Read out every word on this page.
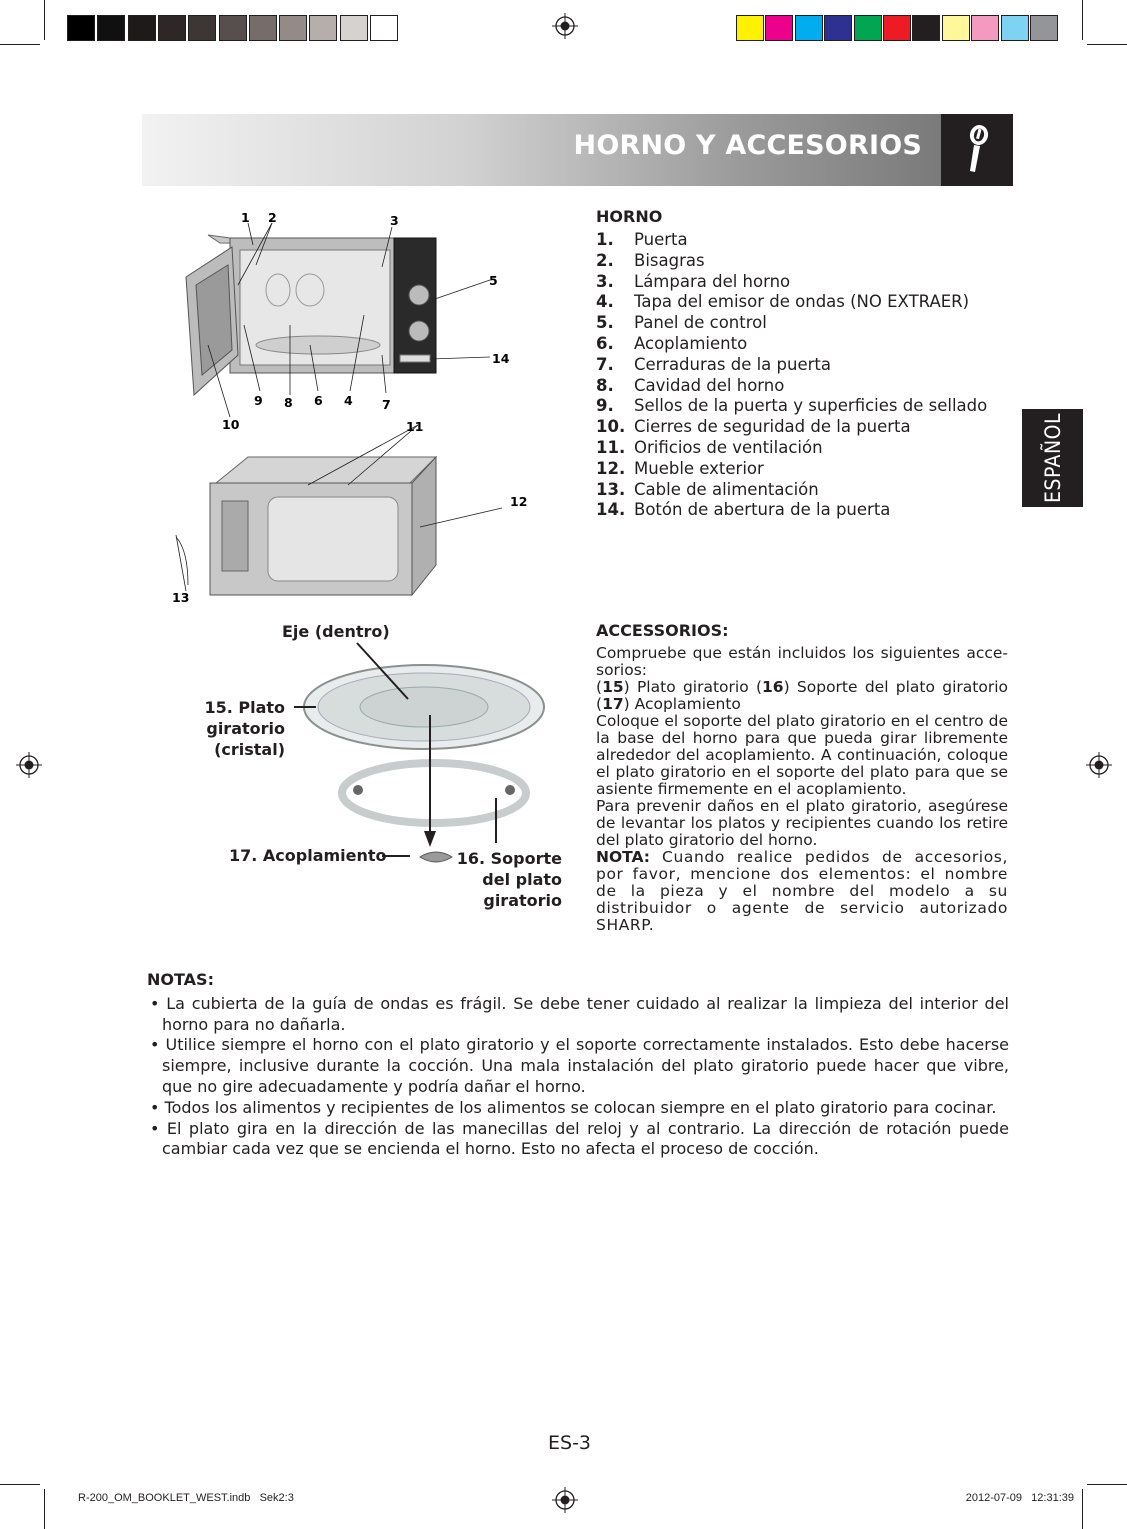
HORNO Y ACCESORIOS
ESPAÑOL
1 2	3
5
14
9 8 6 4 7
10	11
12
13
HORNO
1. Puerta
2. Bisagras
3. Lámpara del horno
4. Tapa del emisor de ondas (NO EXTRAER)
5. Panel de control
6. Acoplamiento
7. Cerraduras de la puerta
8. Cavidad del horno
9. Sellos de la puerta y superficies de sellado
10. Cierres de seguridad de la puerta
11. Orificios de ventilación
12. Mueble exterior
13. Cable de alimentación
14. Botón de abertura de la puerta
Eje (dentro)
15. Plato
giratorio
(cristal)
17. Acoplamiento	16. Soporte
del plato
giratorio
ACCESSORIOS:

Compruebe que están incluidos los siguientes accesorios:

(15) Plato giratorio (16) Soporte del plato giratorio (17) Acoplamiento

Coloque el soporte del plato giratorio en el centro de la base del horno para que pueda girar libremente alrededor del acoplamiento. A continuación, coloque el plato giratorio en el soporte del plato para que se asiente firmemente en el acoplamiento.

Para prevenir daños en el plato giratorio, asegúrese de levantar los platos y recipientes cuando los retire del plato giratorio del horno.

NOTA: Cuando realice pedidos de accesorios, por favor, mencione dos elementos: el nombre de la pieza y el nombre del modelo a su distribuidor o agente de servicio autorizado SHARP.

NOTAS:
• La cubierta de la guía de ondas es frágil. Se debe tener cuidado al realizar la limpieza del interior del horno para no dañarla.
• Utilice siempre el horno con el plato giratorio y el soporte correctamente instalados. Esto debe hacerse siempre, inclusive durante la cocción. Una mala instalación del plato giratorio puede hacer que vibre, que no gire adecuadamente y podría dañar el horno.
• Todos los alimentos y recipientes de los alimentos se colocan siempre en el plato giratorio para cocinar.
• El plato gira en la dirección de las manecillas del reloj y al contrario. La dirección de rotación puede cambiar cada vez que se encienda el horno. Esto no afecta el proceso de cocción.
ES-3
R-200_OM_BOOKLET_WEST.indb   Sek2:3	2012-07-09   12:31:39
